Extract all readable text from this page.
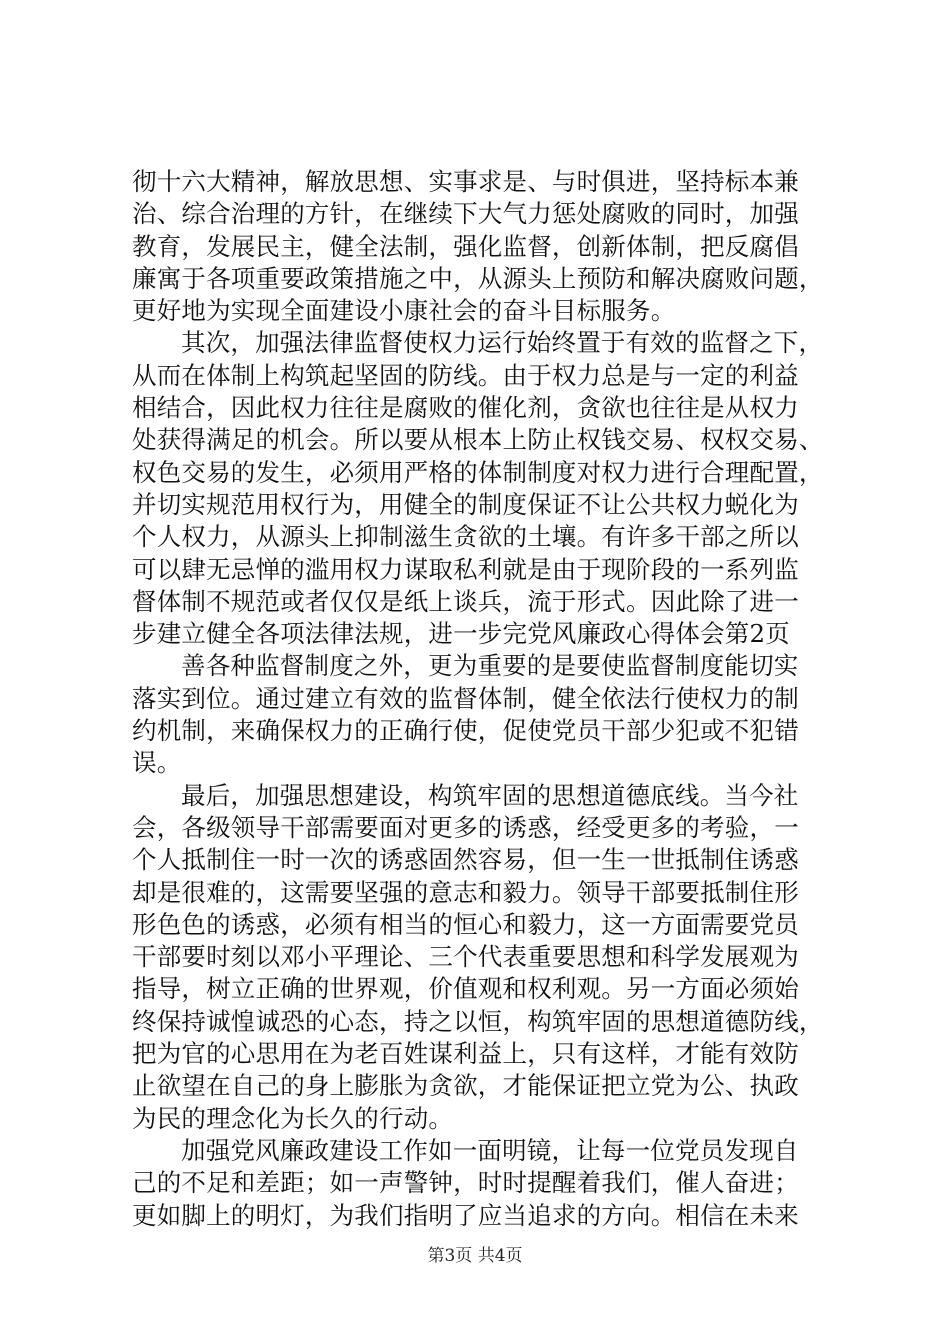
彻十六大精神，解放思想、实事求是、与时俱进，坚持标本兼
治、综合治理的方针，在继续下大气力惩处腐败的同时，加强
教育，发展民主，健全法制，强化监督，创新体制，把反腐倡
廉寓于各项重要政策措施之中，从源头上预防和解决腐败问题，
更好地为实现全面建设小康社会的奋斗目标服务。
其次，加强法律监督使权力运行始终置于有效的监督之下，
从而在体制上构筑起坚固的防线。由于权力总是与一定的利益
相结合，因此权力往往是腐败的催化剂，贪欲也往往是从权力
处获得满足的机会。所以要从根本上防止权钱交易、权权交易、
权色交易的发生，必须用严格的体制制度对权力进行合理配置，
并切实规范用权行为，用健全的制度保证不让公共权力蜕化为
个人权力，从源头上抑制滋生贪欲的土壤。有许多干部之所以
可以肆无忌惮的滥用权力谋取私利就是由于现阶段的一系列监
督体制不规范或者仅仅是纸上谈兵，流于形式。因此除了进一
步建立健全各项法律法规，进一步完党风廉政心得体会第2页
善各种监督制度之外，更为重要的是要使监督制度能切实
落实到位。通过建立有效的监督体制，健全依法行使权力的制
约机制，来确保权力的正确行使，促使党员干部少犯或不犯错
误。
最后，加强思想建设，构筑牢固的思想道德底线。当今社
会，各级领导干部需要面对更多的诱惑，经受更多的考验，一
个人抵制住一时一次的诱惑固然容易，但一生一世抵制住诱惑
却是很难的，这需要坚强的意志和毅力。领导干部要抵制住形
形色色的诱惑，必须有相当的恒心和毅力，这一方面需要党员
干部要时刻以邓小平理论、三个代表重要思想和科学发展观为
指导，树立正确的世界观，价值观和权利观。另一方面必须始
终保持诚惶诚恐的心态，持之以恒，构筑牢固的思想道德防线，
把为官的心思用在为老百姓谋利益上，只有这样，才能有效防
止欲望在自己的身上膨胀为贪欲，才能保证把立党为公、执政
为民的理念化为长久的行动。
加强党风廉政建设工作如一面明镜，让每一位党员发现自
己的不足和差距；如一声警钟，时时提醒着我们，催人奋进；
更如脚上的明灯，为我们指明了应当追求的方向。相信在未来
第3页 共4页
